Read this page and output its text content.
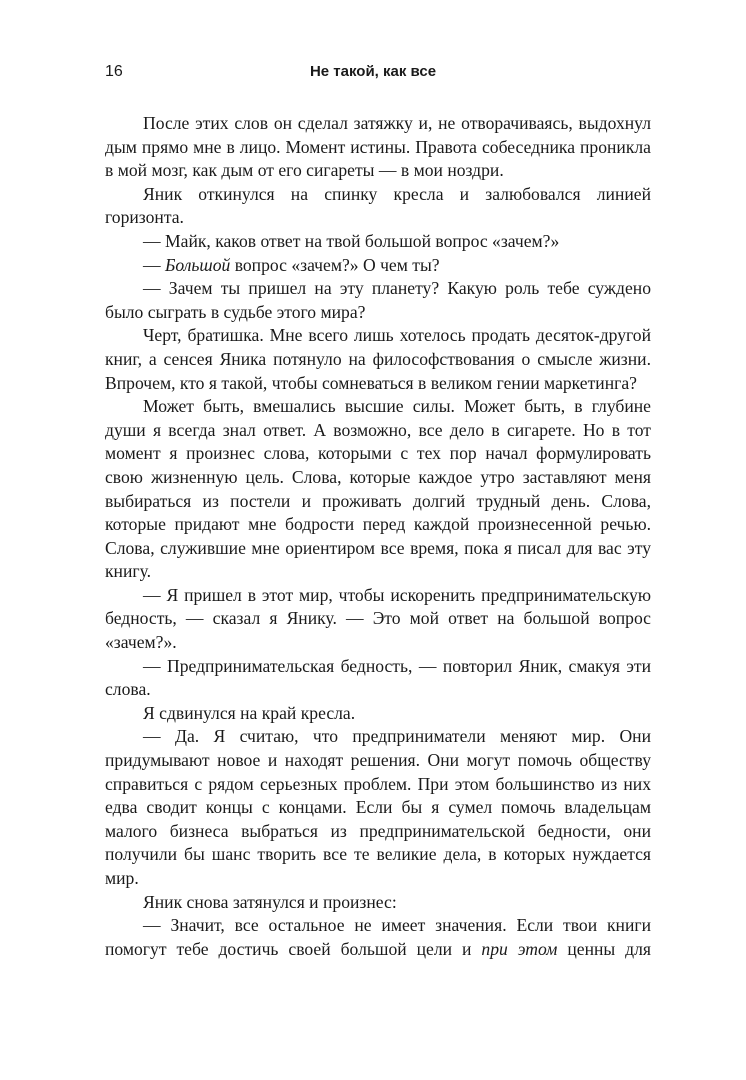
16	Не такой, как все

После этих слов он сделал затяжку и, не отворачиваясь, выдохнул дым прямо мне в лицо. Момент истины. Правота собеседника проникла в мой мозг, как дым от его сигареты — в мои ноздри.

Яник откинулся на спинку кресла и залюбовался линией горизонта.

— Майк, каков ответ на твой большой вопрос «зачем?»

— Большой вопрос «зачем?» О чем ты?

— Зачем ты пришел на эту планету? Какую роль тебе суждено было сыграть в судьбе этого мира?

Черт, братишка. Мне всего лишь хотелось продать десяток-другой книг, а сенсея Яника потянуло на философствования о смысле жизни. Впрочем, кто я такой, чтобы сомневаться в великом гении маркетинга?

Может быть, вмешались высшие силы. Может быть, в глубине души я всегда знал ответ. А возможно, все дело в сигарете. Но в тот момент я произнес слова, которыми с тех пор начал формулировать свою жизненную цель. Слова, которые каждое утро заставляют меня выбираться из постели и проживать долгий трудный день. Слова, которые придают мне бодрости перед каждой произнесенной речью. Слова, служившие мне ориентиром все время, пока я писал для вас эту книгу.

— Я пришел в этот мир, чтобы искоренить предпринимательскую бедность, — сказал я Янику. — Это мой ответ на большой вопрос «зачем?».

— Предпринимательская бедность, — повторил Яник, смакуя эти слова.

Я сдвинулся на край кресла.

— Да. Я считаю, что предприниматели меняют мир. Они придумывают новое и находят решения. Они могут помочь обществу справиться с рядом серьезных проблем. При этом большинство из них едва сводит концы с концами. Если бы я сумел помочь владельцам малого бизнеса выбраться из предпринимательской бедности, они получили бы шанс творить все те великие дела, в которых нуждается мир.

Яник снова затянулся и произнес:

— Значит, все остальное не имеет значения. Если твои книги помогут тебе достичь своей большой цели и при этом ценны для
